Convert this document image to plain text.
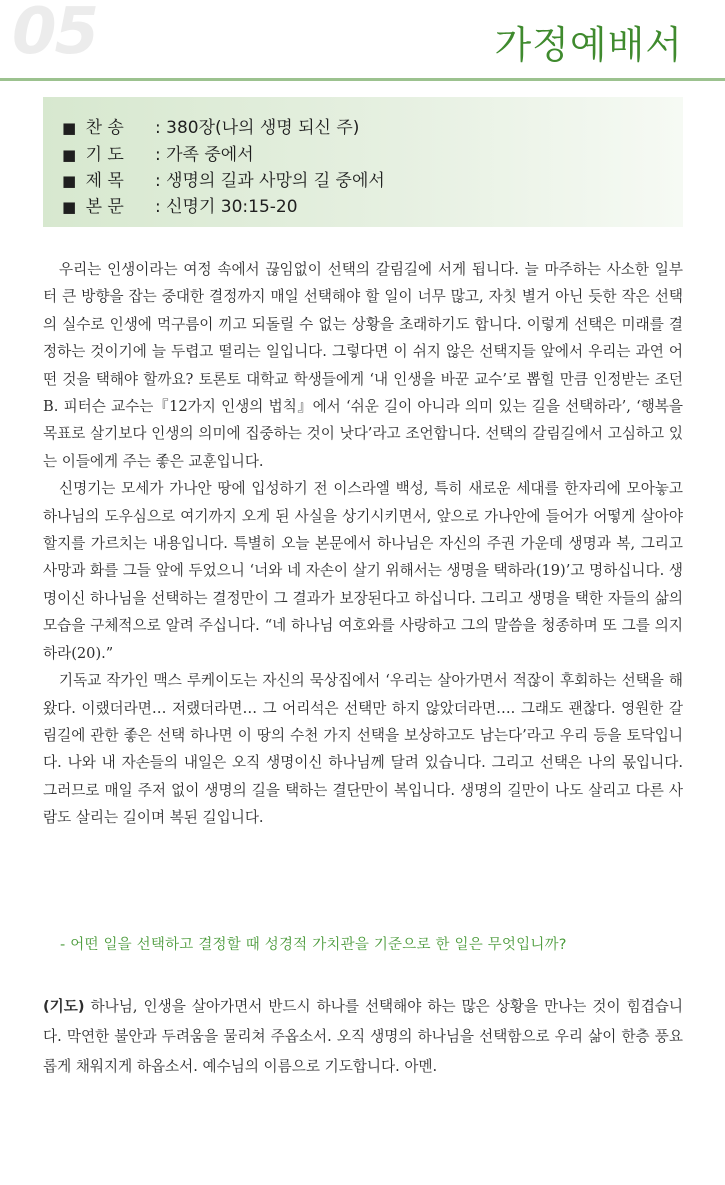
05	가정예배서
■ 찬 송 : 380장(나의 생명 되신 주)
■ 기 도 : 가족 중에서
■ 제 목 : 생명의 길과 사망의 길 중에서
■ 본 문 : 신명기 30:15-20

우리는 인생이라는 여정 속에서 끊임없이 선택의 갈림길에 서게 됩니다. 늘 마주하는 사소한 일부터 큰 방향을 잡는 중대한 결정까지 매일 선택해야 할 일이 너무 많고, 자칫 별거 아닌 듯한 작은 선택의 실수로 인생에 먹구름이 끼고 되돌릴 수 없는 상황을 초래하기도 합니다. 이렇게 선택은 미래를 결정하는 것이기에 늘 두렵고 떨리는 일입니다. 그렇다면 이 쉬지 않은 선택지들 앞에서 우리는 과연 어떤 것을 택해야 할까요? 토론토 대학교 학생들에게 ‘내 인생을 바꾼 교수’로 뽑힐 만큼 인정받는 조던 B. 피터슨 교수는『12가지 인생의 법칙』에서 ‘쉬운 길이 아니라 의미 있는 길을 선택하라’, ‘행복을 목표로 살기보다 인생의 의미에 집중하는 것이 낫다’라고 조언합니다. 선택의 갈림길에서 고심하고 있는 이들에게 주는 좋은 교훈입니다.

신명기는 모세가 가나안 땅에 입성하기 전 이스라엘 백성, 특히 새로운 세대를 한자리에 모아놓고 하나님의 도우심으로 여기까지 오게 된 사실을 상기시키면서, 앞으로 가나안에 들어가 어떻게 살아야 할지를 가르치는 내용입니다. 특별히 오늘 본문에서 하나님은 자신의 주권 가운데 생명과 복, 그리고 사망과 화를 그들 앞에 두었으니 ‘너와 네 자손이 살기 위해서는 생명을 택하라(19)’고 명하십니다. 생명이신 하나님을 선택하는 결정만이 그 결과가 보장된다고 하십니다. 그리고 생명을 택한 자들의 삶의 모습을 구체적으로 알려 주십니다. “네 하나님 여호와를 사랑하고 그의 말씀을 청종하며 또 그를 의지하라(20).”

기독교 작가인 맥스 루케이도는 자신의 묵상집에서 ‘우리는 살아가면서 적잖이 후회하는 선택을 해왔다. 이랬더라면… 저랬더라면… 그 어리석은 선택만 하지 않았더라면…. 그래도 괜찮다. 영원한 갈림길에 관한 좋은 선택 하나면 이 땅의 수천 가지 선택을 보상하고도 남는다’라고 우리 등을 토닥입니다. 나와 내 자손들의 내일은 오직 생명이신 하나님께 달려 있습니다. 그리고 선택은 나의 몫입니다. 그러므로 매일 주저 없이 생명의 길을 택하는 결단만이 복입니다. 생명의 길만이 나도 살리고 다른 사람도 살리는 길이며 복된 길입니다.

- 어떤 일을 선택하고 결정할 때 성경적 가치관을 기준으로 한 일은 무엇입니까?
(기도) 하나님, 인생을 살아가면서 반드시 하나를 선택해야 하는 많은 상황을 만나는 것이 힘겹습니다. 막연한 불안과 두려움을 물리쳐 주옵소서. 오직 생명의 하나님을 선택함으로 우리 삶이 한층 풍요롭게 채워지게 하옵소서. 예수님의 이름으로 기도합니다. 아멘.
